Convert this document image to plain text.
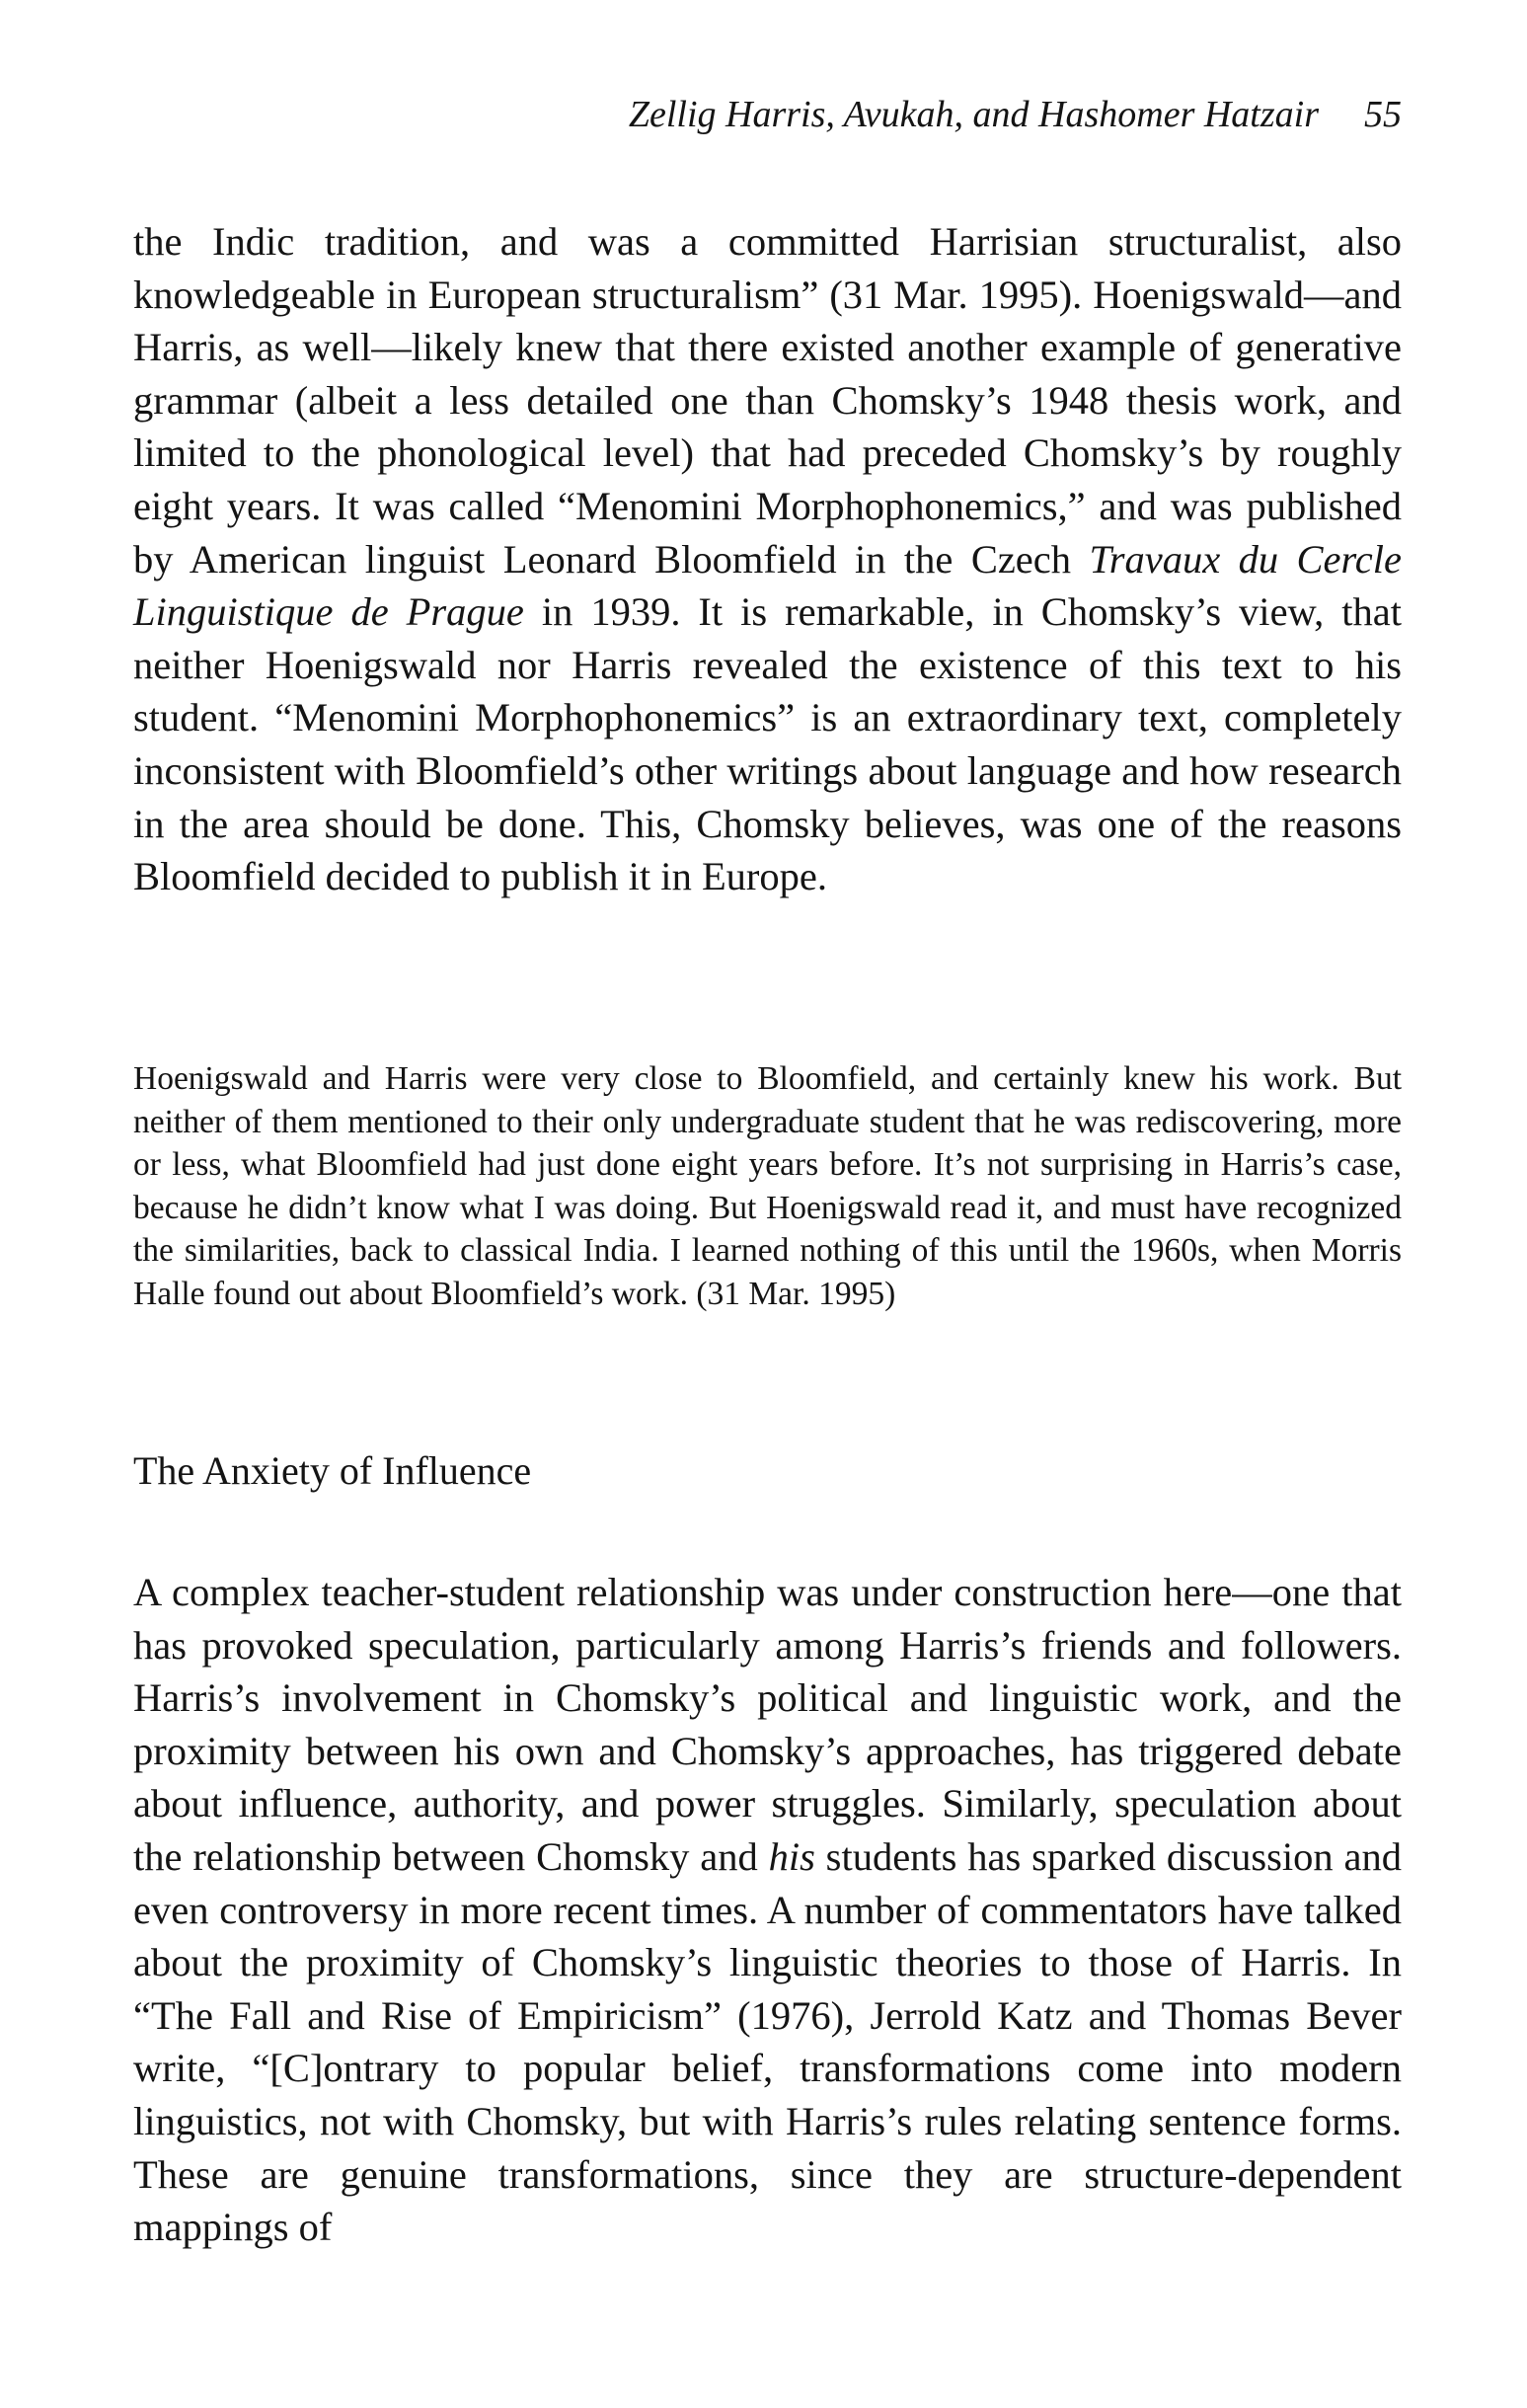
Zellig Harris, Avukah, and Hashomer Hatzair 55

the Indic tradition, and was a committed Harrisian structuralist, also knowledgeable in European structuralism” (31 Mar. 1995). Hoenigswald—and Harris, as well—likely knew that there existed another example of generative grammar (albeit a less detailed one than Chomsky’s 1948 thesis work, and limited to the phonological level) that had preceded Chomsky’s by roughly eight years. It was called “Menomini Morphophonemics,” and was published by American linguist Leonard Bloomfield in the Czech Travaux du Cercle Linguistique de Prague in 1939. It is remarkable, in Chomsky’s view, that neither Hoenigswald nor Harris revealed the existence of this text to his student. “Menomini Morphophonemics” is an extraordinary text, completely inconsistent with Bloomfield’s other writings about language and how research in the area should be done. This, Chomsky believes, was one of the reasons Bloomfield decided to publish it in Europe.

Hoenigswald and Harris were very close to Bloomfield, and certainly knew his work. But neither of them mentioned to their only undergraduate student that he was rediscovering, more or less, what Bloomfield had just done eight years before. It’s not surprising in Harris’s case, because he didn’t know what I was doing. But Hoenigswald read it, and must have recognized the similarities, back to classical India. I learned nothing of this until the 1960s, when Morris Halle found out about Bloomfield’s work. (31 Mar. 1995)

The Anxiety of Influence

A complex teacher-student relationship was under construction here—one that has provoked speculation, particularly among Harris’s friends and followers. Harris’s involvement in Chomsky’s political and linguistic work, and the proximity between his own and Chomsky’s approaches, has triggered debate about influence, authority, and power struggles. Similarly, speculation about the relationship between Chomsky and his students has sparked discussion and even controversy in more recent times. A number of commentators have talked about the proximity of Chomsky’s linguistic theories to those of Harris. In “The Fall and Rise of Empiricism” (1976), Jerrold Katz and Thomas Bever write, “[C]ontrary to popular belief, transformations come into modern linguistics, not with Chomsky, but with Harris’s rules relating sentence forms. These are genuine transformations, since they are structure-dependent mappings of
